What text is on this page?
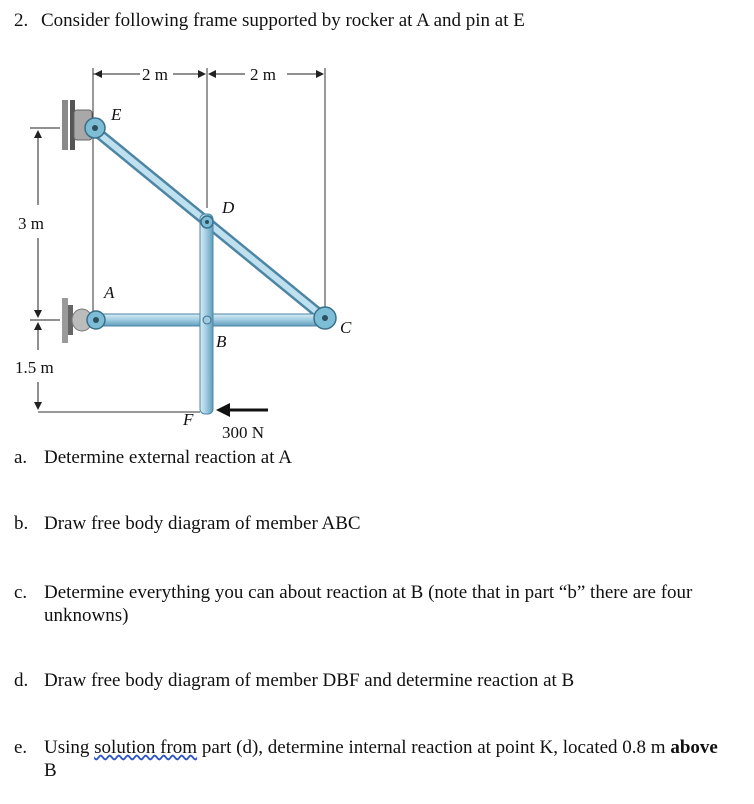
2. Consider following frame supported by rocker at A and pin at E
2 m	2 m
3 m
1.5 m
E
D
A
B
C
F
300 N
a. Determine external reaction at A
b. Draw free body diagram of member ABC
c. Determine everything you can about reaction at B (note that in part “b” there are four unknowns)
d. Draw free body diagram of member DBF and determine reaction at B
e. Using solution from part (d), determine internal reaction at point K, located 0.8 m above
B
